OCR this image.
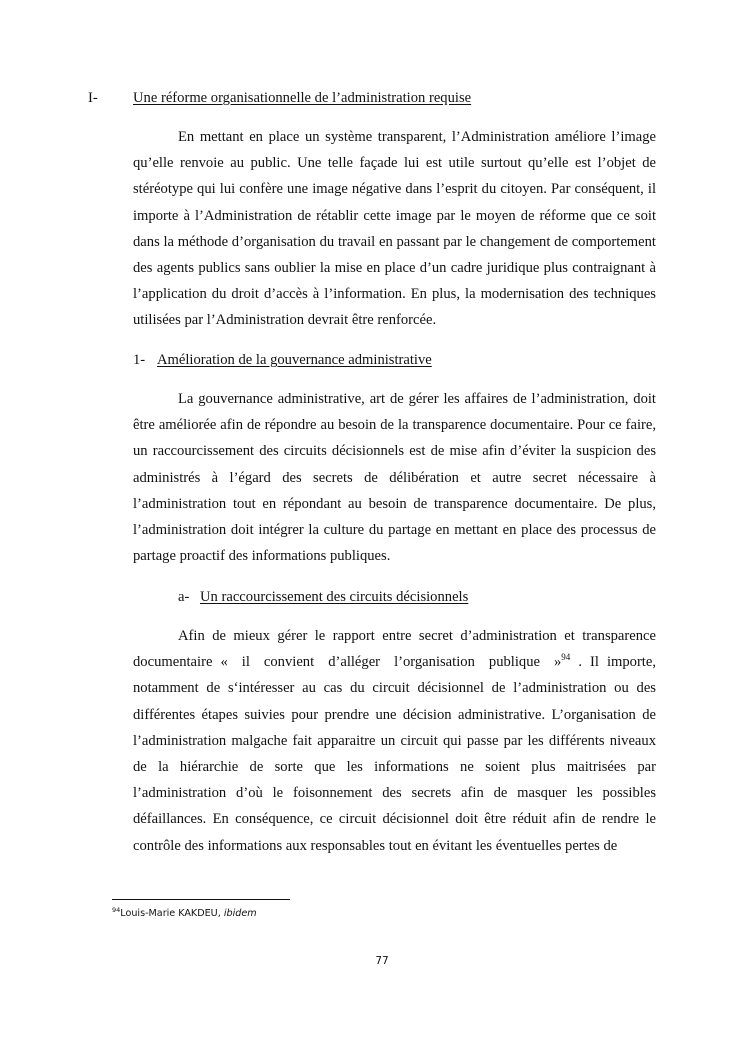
I- Une réforme organisationnelle de l’administration requise

En mettant en place un système transparent, l’Administration améliore l’image qu’elle renvoie au public. Une telle façade lui est utile surtout qu’elle est l’objet de stéréotype qui lui confère une image négative dans l’esprit du citoyen. Par conséquent, il importe à l’Administration de rétablir cette image par le moyen de réforme que ce soit dans la méthode d’organisation du travail en passant par le changement de comportement des agents publics sans oublier la mise en place d’un cadre juridique plus contraignant à l’application du droit d’accès à l’information. En plus, la modernisation des techniques utilisées par l’Administration devrait être renforcée.

1- Amélioration de la gouvernance administrative

La gouvernance administrative, art de gérer les affaires de l’administration, doit être améliorée afin de répondre au besoin de la transparence documentaire. Pour ce faire, un raccourcissement des circuits décisionnels est de mise afin d’éviter la suspicion des administrés à l’égard des secrets de délibération et autre secret nécessaire à l’administration tout en répondant au besoin de transparence documentaire. De plus, l’administration doit intégrer la culture du partage en mettant en place des processus de partage proactif des informations publiques.

a- Un raccourcissement des circuits décisionnels

Afin de mieux gérer le rapport entre secret d’administration et transparence documentaire « il convient d’alléger l’organisation publique »$^{94}$ . Il importe, notamment de s‘intéresser au cas du circuit décisionnel de l’administration ou des différentes étapes suivies pour prendre une décision administrative. L’organisation de l’administration malgache fait apparaitre un circuit qui passe par les différents niveaux de la hiérarchie de sorte que les informations ne soient plus maitrisées par l’administration d’où le foisonnement des secrets afin de masquer les possibles défaillances. En conséquence, ce circuit décisionnel doit être réduit afin de rendre le contrôle des informations aux responsables tout en évitant les éventuelles pertes de

$^{94}$Louis-Marie KAKDEU, ibidem
77
